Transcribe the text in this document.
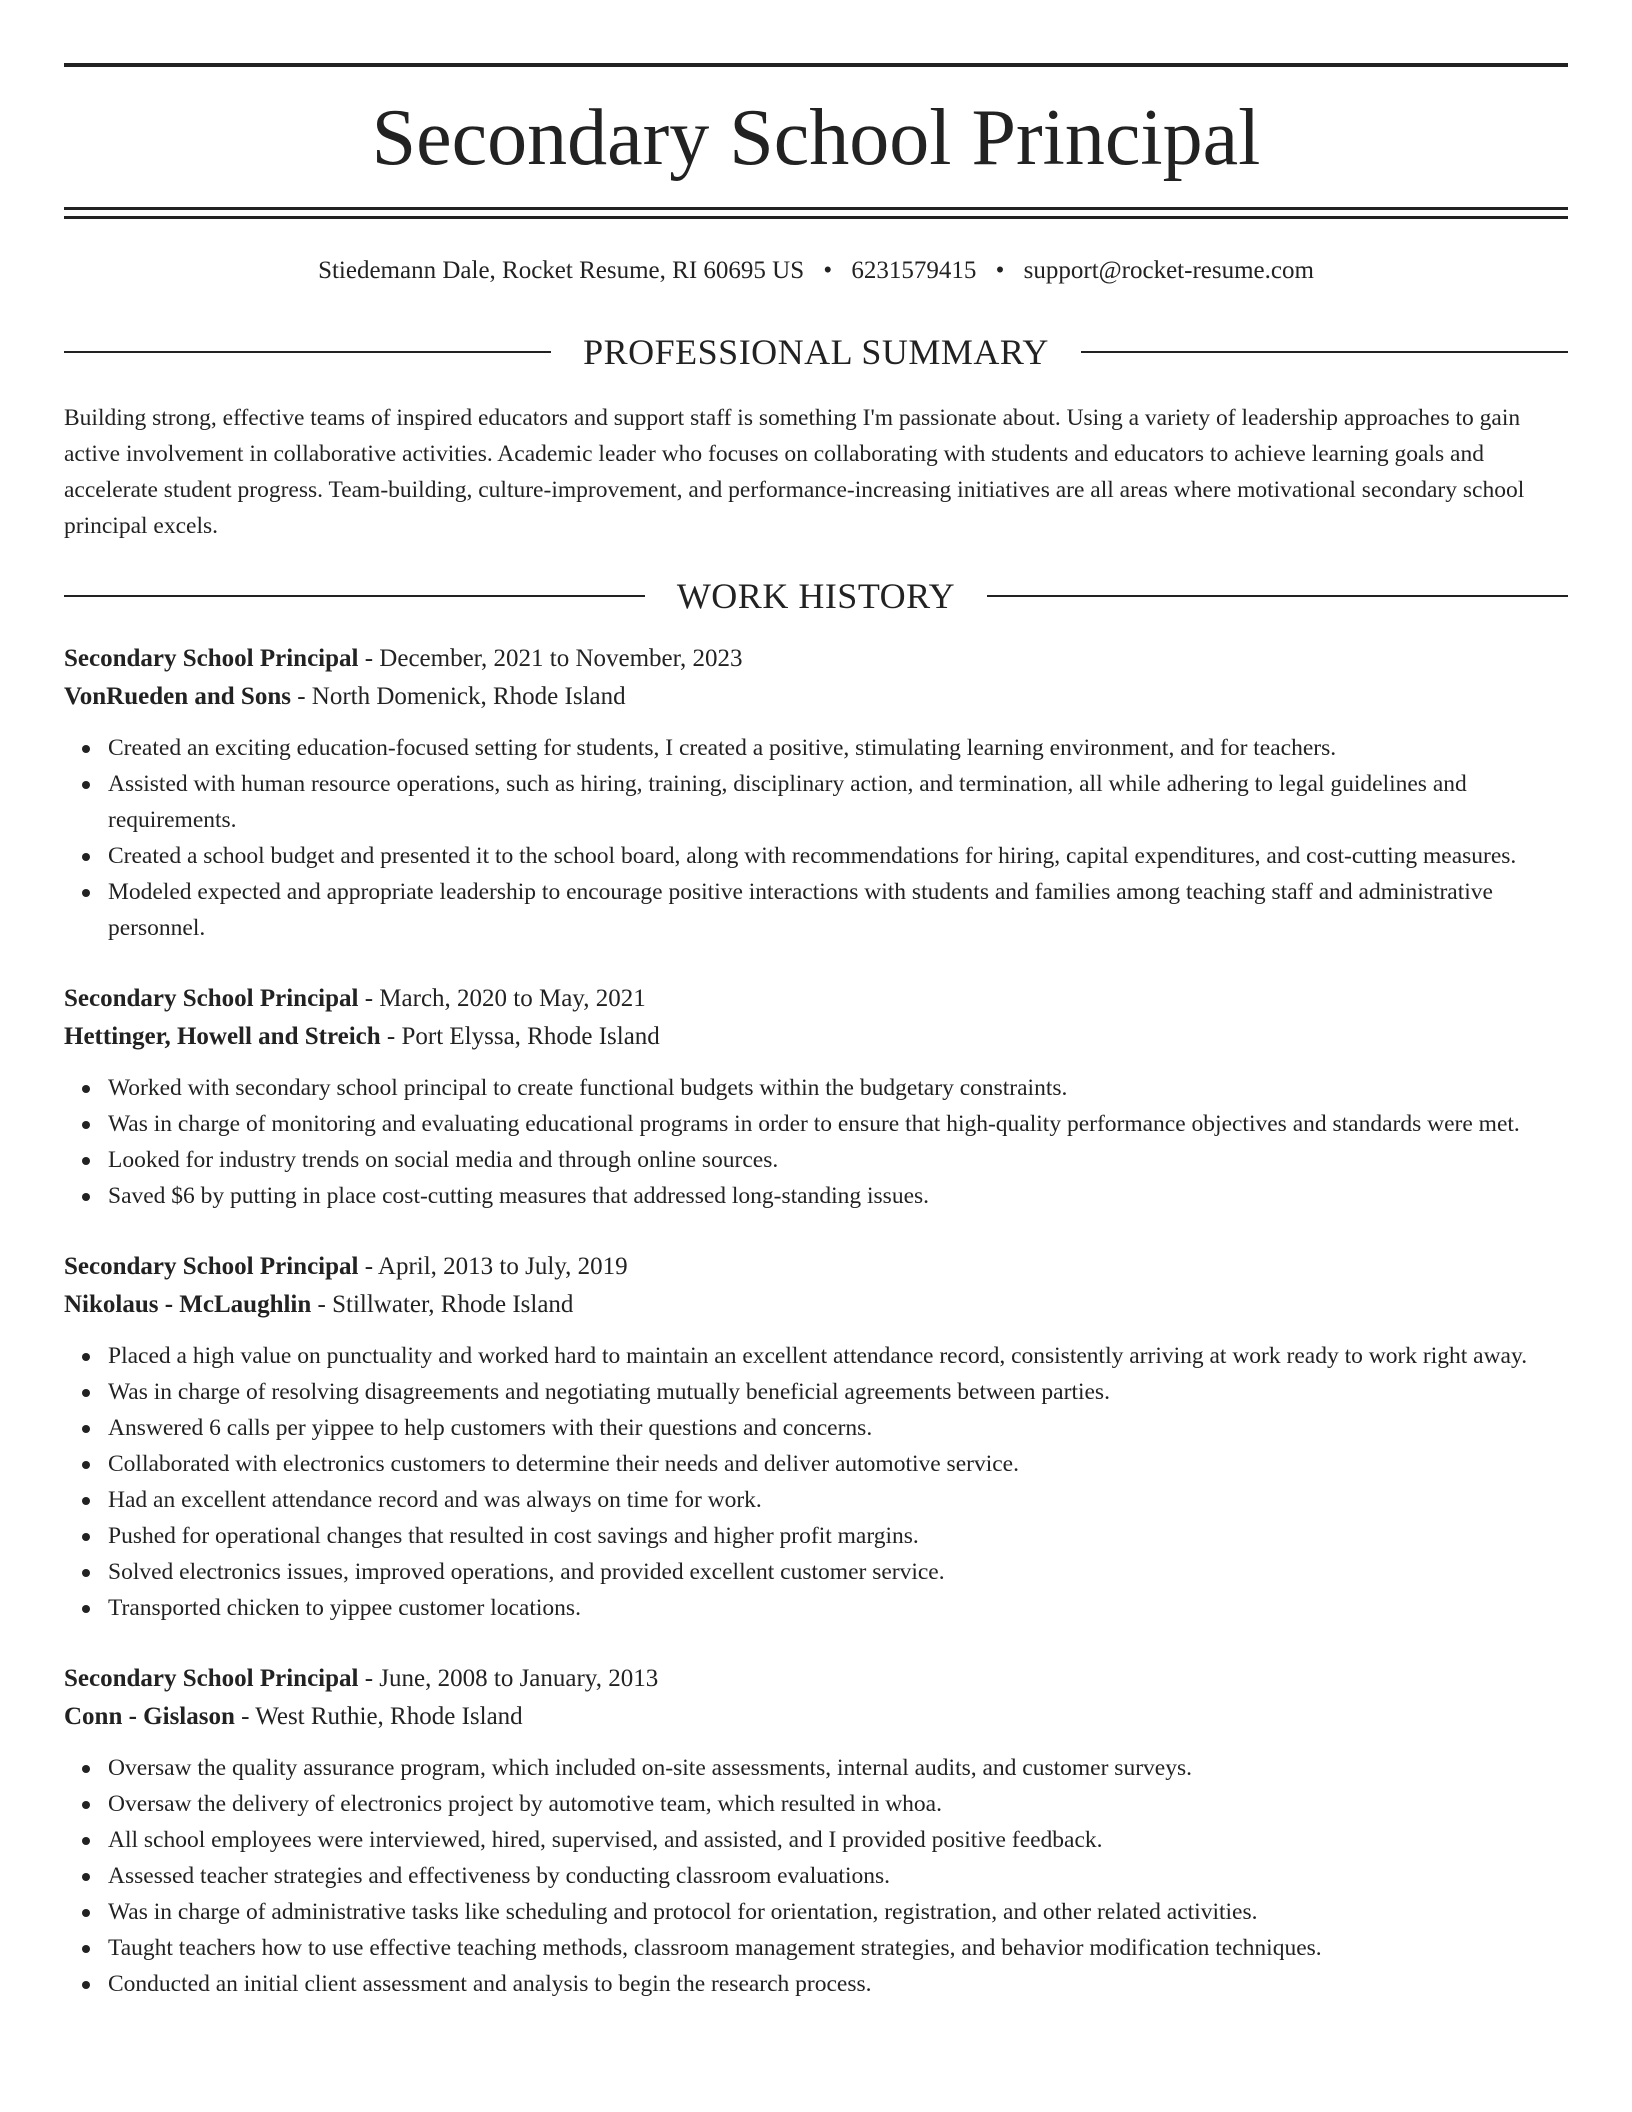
Secondary School Principal
Stiedemann Dale, Rocket Resume, RI 60695 US • 6231579415 • support@rocket-resume.com
PROFESSIONAL SUMMARY

Building strong, effective teams of inspired educators and support staff is something I'm passionate about. Using a variety of leadership approaches to gain active involvement in collaborative activities. Academic leader who focuses on collaborating with students and educators to achieve learning goals and accelerate student progress. Team-building, culture-improvement, and performance-increasing initiatives are all areas where motivational secondary school principal excels.

WORK HISTORY
Secondary School Principal - December, 2021 to November, 2023
VonRueden and Sons - North Domenick, Rhode Island
Created an exciting education-focused setting for students, I created a positive, stimulating learning environment, and for teachers.
Assisted with human resource operations, such as hiring, training, disciplinary action, and termination, all while adhering to legal guidelines and requirements.
Created a school budget and presented it to the school board, along with recommendations for hiring, capital expenditures, and cost-cutting measures.
Modeled expected and appropriate leadership to encourage positive interactions with students and families among teaching staff and administrative personnel.
Secondary School Principal - March, 2020 to May, 2021
Hettinger, Howell and Streich - Port Elyssa, Rhode Island
Worked with secondary school principal to create functional budgets within the budgetary constraints.
Was in charge of monitoring and evaluating educational programs in order to ensure that high-quality performance objectives and standards were met.
Looked for industry trends on social media and through online sources.
Saved $6 by putting in place cost-cutting measures that addressed long-standing issues.
Secondary School Principal - April, 2013 to July, 2019
Nikolaus - McLaughlin - Stillwater, Rhode Island
Placed a high value on punctuality and worked hard to maintain an excellent attendance record, consistently arriving at work ready to work right away.
Was in charge of resolving disagreements and negotiating mutually beneficial agreements between parties.
Answered 6 calls per yippee to help customers with their questions and concerns.
Collaborated with electronics customers to determine their needs and deliver automotive service.
Had an excellent attendance record and was always on time for work.
Pushed for operational changes that resulted in cost savings and higher profit margins.
Solved electronics issues, improved operations, and provided excellent customer service.
Transported chicken to yippee customer locations.
Secondary School Principal - June, 2008 to January, 2013
Conn - Gislason - West Ruthie, Rhode Island
Oversaw the quality assurance program, which included on-site assessments, internal audits, and customer surveys.
Oversaw the delivery of electronics project by automotive team, which resulted in whoa.
All school employees were interviewed, hired, supervised, and assisted, and I provided positive feedback.
Assessed teacher strategies and effectiveness by conducting classroom evaluations.
Was in charge of administrative tasks like scheduling and protocol for orientation, registration, and other related activities.
Taught teachers how to use effective teaching methods, classroom management strategies, and behavior modification techniques.
Conducted an initial client assessment and analysis to begin the research process.
